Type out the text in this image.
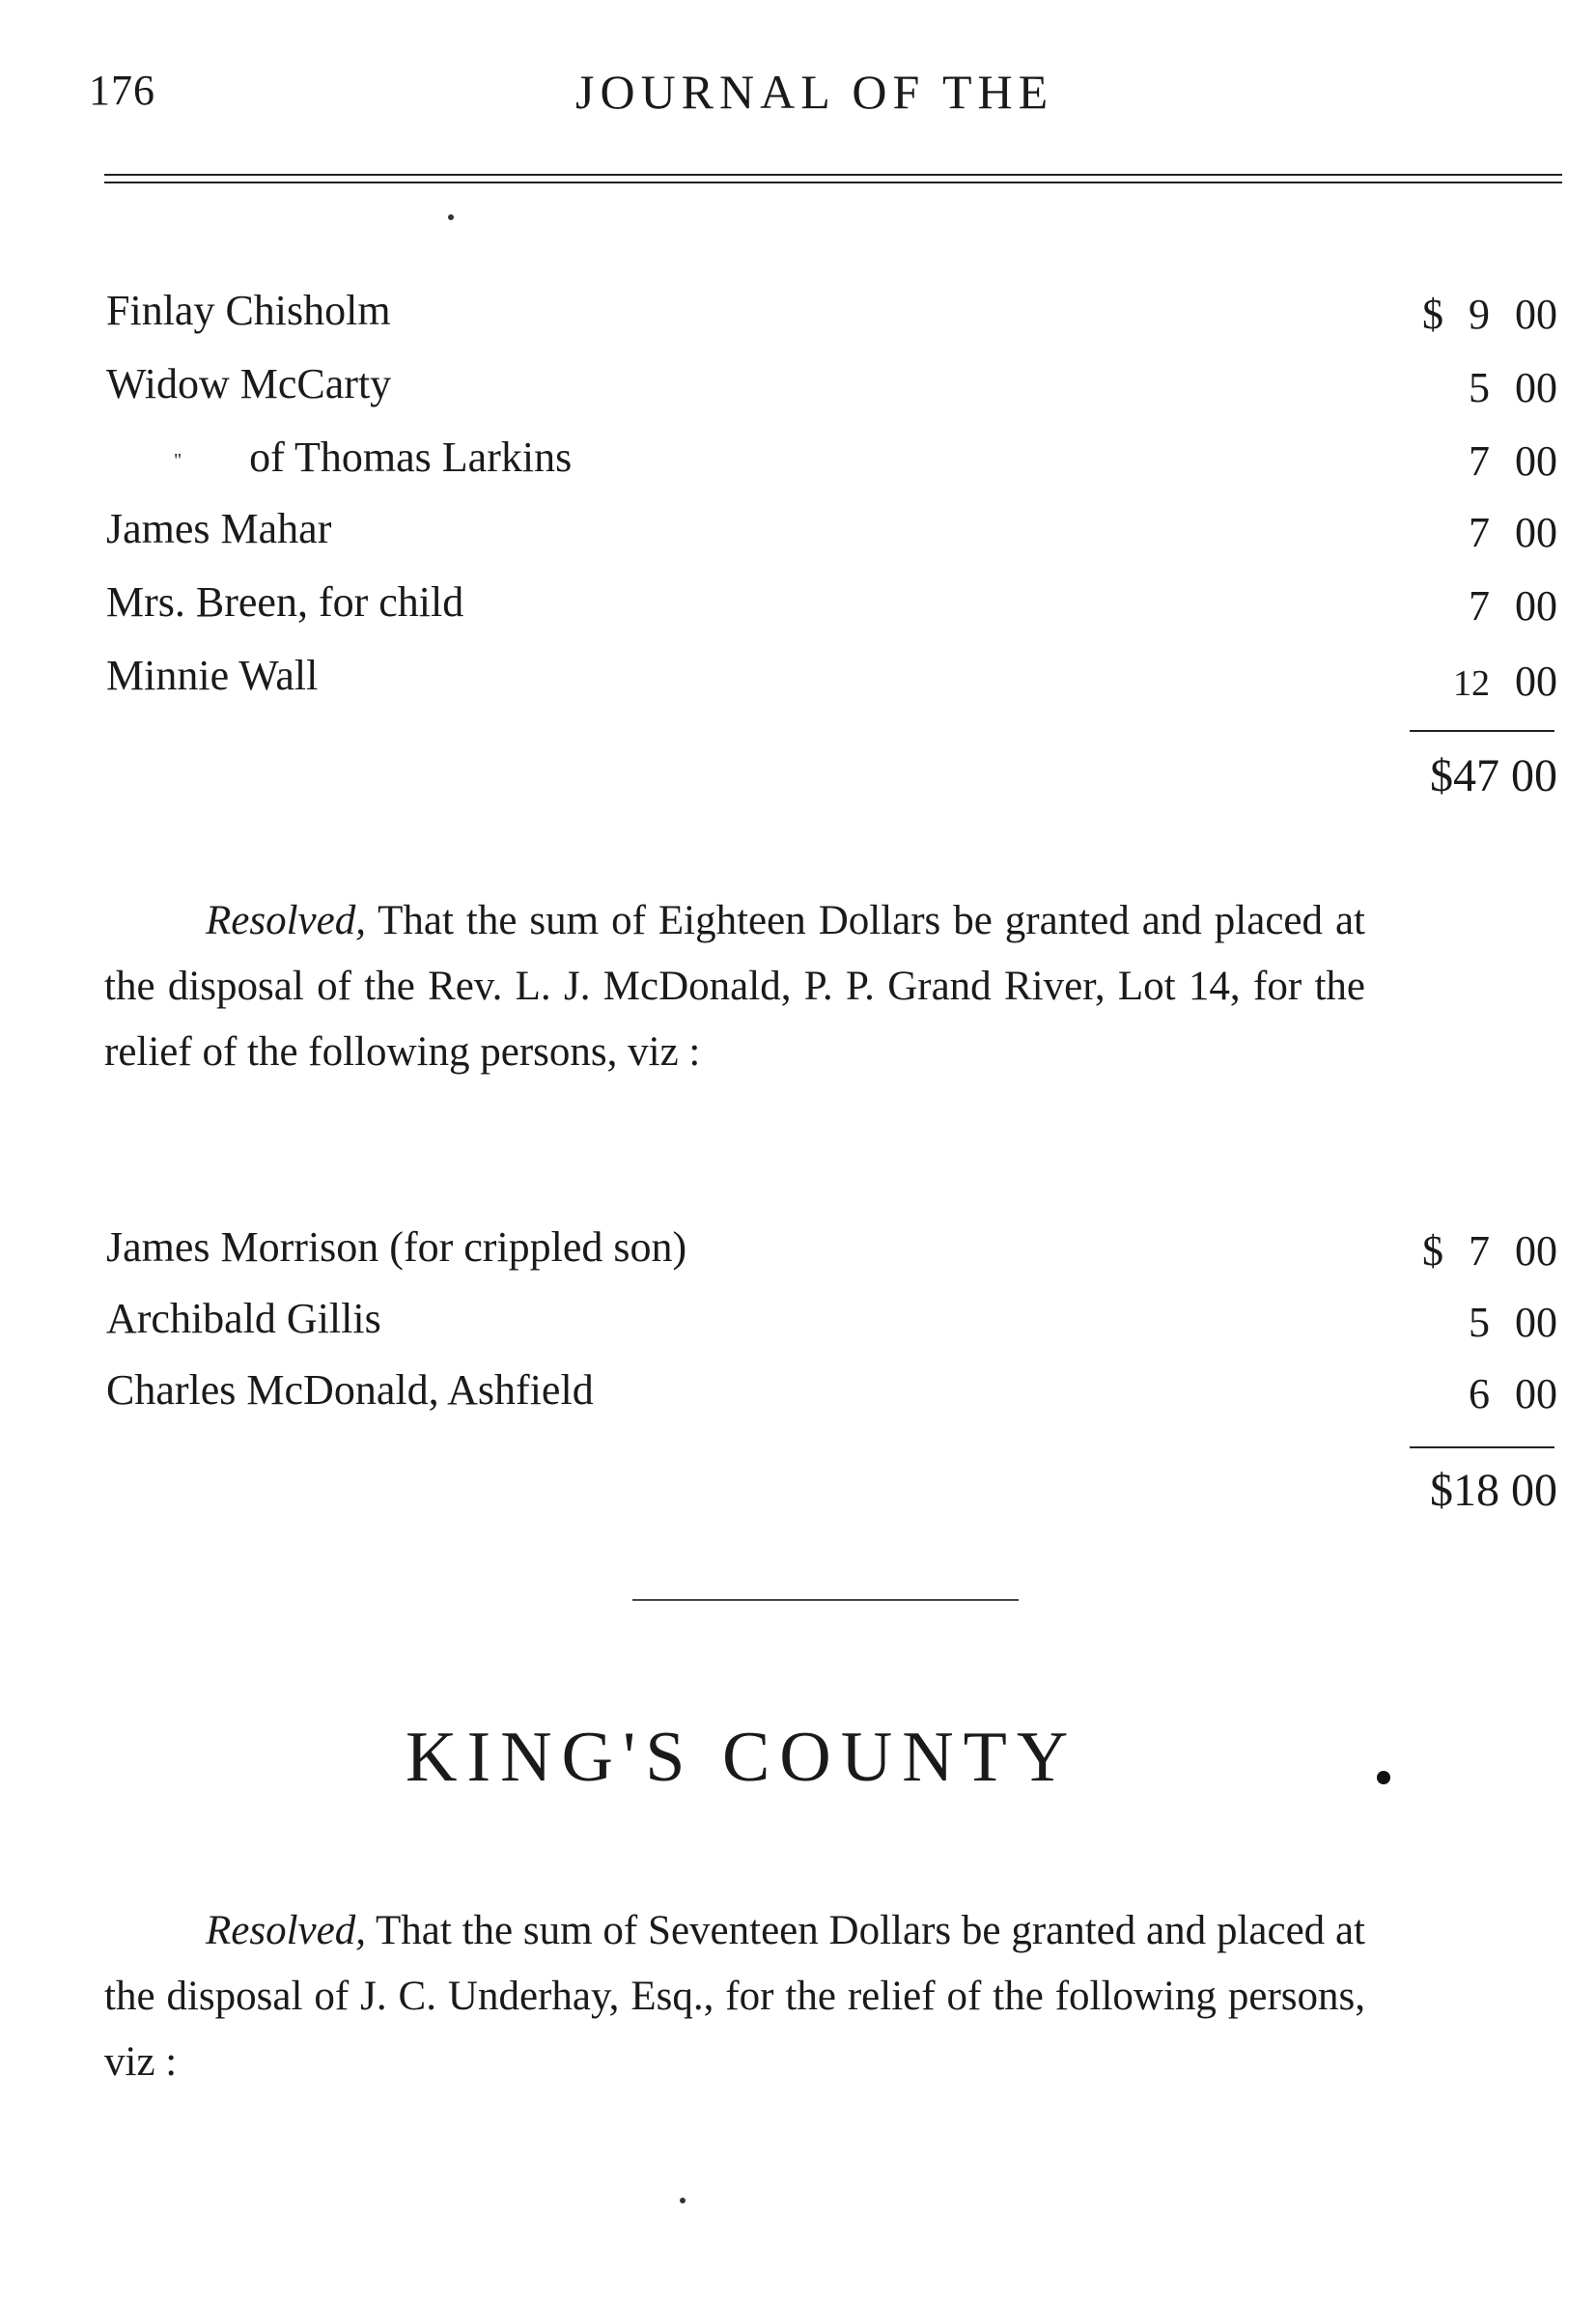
176	JOURNAL OF THE
Finlay Chisholm	$ 9 00
Widow McCarty	5 00
" of Thomas Larkins	7 00
James Mahar	7 00
Mrs. Breen, for child	7 00
Minnie Wall	12 00
$47 00

Resolved, That the sum of Eighteen Dollars be granted and placed at the disposal of the Rev. L. J. McDonald, P. P. Grand River, Lot 14, for the relief of the following persons, viz :

James Morrison (for crippled son)	$ 7 00
Archibald Gillis	5 00
Charles McDonald, Ashfield	6 00
$18 00
KING'S COUNTY

Resolved, That the sum of Seventeen Dollars be granted and placed at the disposal of J. C. Underhay, Esq., for the relief of the following persons, viz :
